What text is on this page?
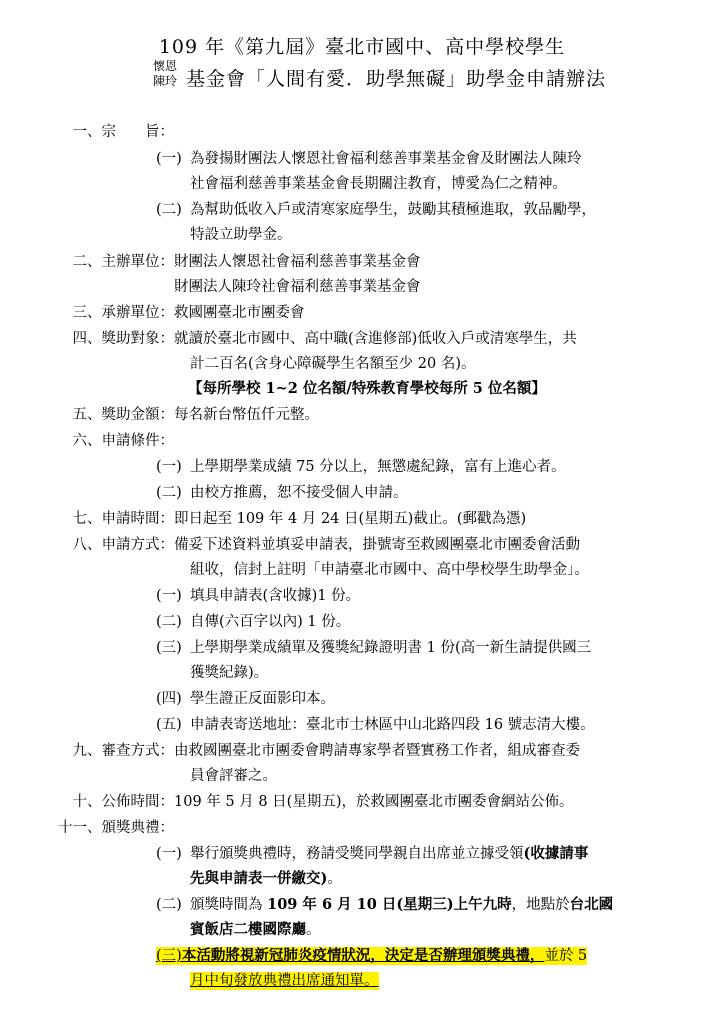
109 年《第九屆》臺北市國中、高中學校學生
懷恩
陳玲 基金會「人間有愛．助學無礙」助學金申請辦法
一、宗　　旨：
(一) 為發揚財團法人懷恩社會福利慈善事業基金會及財團法人陳玲
社會福利慈善事業基金會長期關注教育，博愛為仁之精神。
(二) 為幫助低收入戶或清寒家庭學生，鼓勵其積極進取，敦品勵學，
特設立助學金。
二、主辦單位： 財團法人懷恩社會福利慈善事業基金會
財團法人陳玲社會福利慈善事業基金會
三、承辦單位： 救國團臺北市團委會
四、獎助對象： 就讀於臺北市國中、高中職(含進修部)低收入戶或清寒學生，共
計二百名(含身心障礙學生名額至少 20 名)。
【每所學校 1~2 位名額/特殊教育學校每所 5 位名額】
五、獎助金額： 每名新台幣伍仟元整。
六、申請條件：
(一) 上學期學業成績 75 分以上，無懲處紀錄，富有上進心者。
(二) 由校方推薦，恕不接受個人申請。
七、申請時間： 即日起至 109 年 4 月 24 日(星期五)截止。(郵戳為憑)
八、申請方式： 備妥下述資料並填妥申請表，掛號寄至救國團臺北市團委會活動
組收，信封上註明「申請臺北市國中、高中學校學生助學金」。
(一) 填具申請表(含收據)1 份。
(二) 自傳(六百字以內) 1 份。
(三) 上學期學業成績單及獲獎紀錄證明書 1 份(高一新生請提供國三
獲獎紀錄)。
(四) 學生證正反面影印本。
(五) 申請表寄送地址：臺北市士林區中山北路四段 16 號志清大樓。
九、審查方式： 由救國團臺北市團委會聘請專家學者暨實務工作者，組成審查委
員會評審之。
十、公佈時間： 109 年 5 月 8 日(星期五)，於救國團臺北市團委會網站公佈。
十一、頒獎典禮：
(一) 舉行頒獎典禮時，務請受獎同學親自出席並立據受領(收據請事
先與申請表一併繳交)。
(二) 頒獎時間為 109 年 6 月 10 日(星期三)上午九時，地點於台北國
賓飯店二樓國際廳。
(三)本活動將視新冠肺炎疫情狀況，決定是否辦理頒獎典禮，並於 5
月中旬發放典禮出席通知單。
